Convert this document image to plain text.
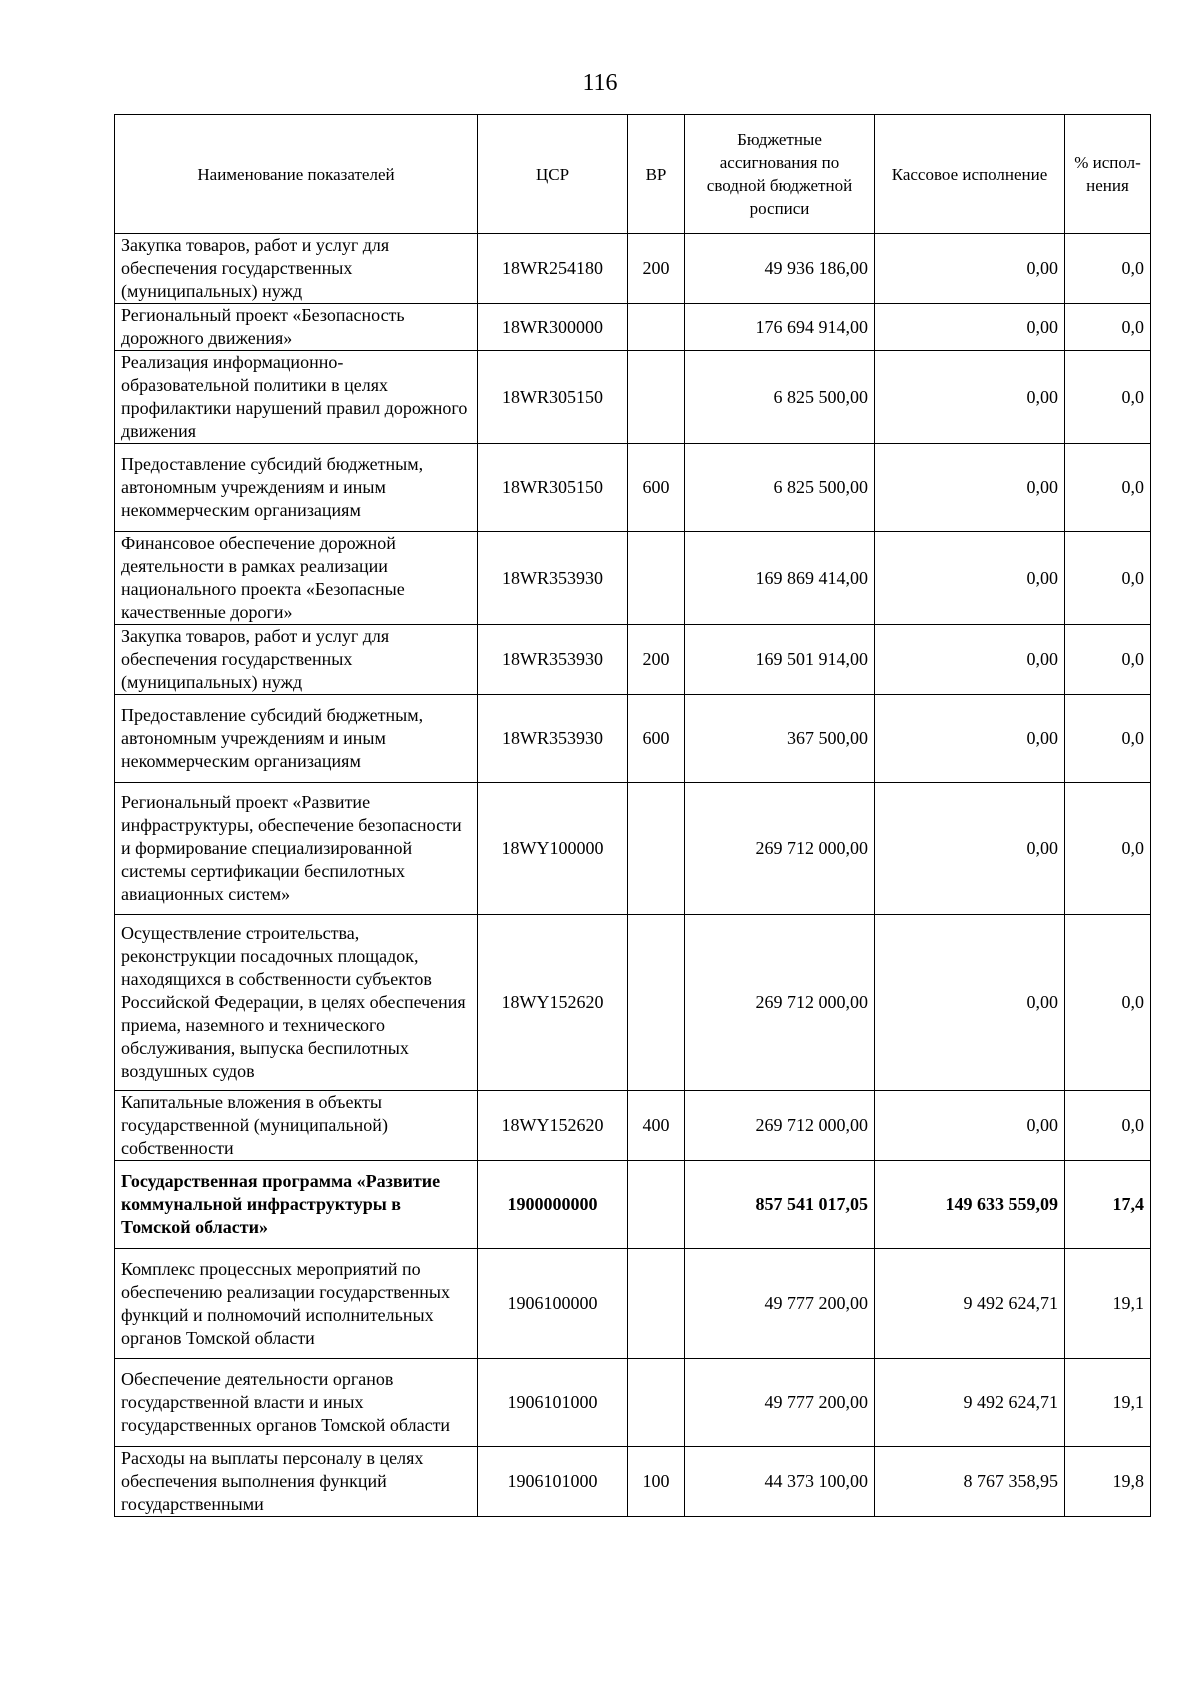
116
Наименование показателей	ЦСР	ВР	Бюджетные ассигнования по сводной бюджетной росписи	Кассовое исполнение	% испол-нения
Закупка товаров, работ и услуг для обеспечения государственных (муниципальных) нужд	18WR254180	200	49 936 186,00	0,00	0,0
Региональный проект «Безопасность дорожного движения»	18WR300000		176 694 914,00	0,00	0,0
Реализация информационно-образовательной политики в целях профилактики нарушений правил дорожного движения	18WR305150		6 825 500,00	0,00	0,0
Предоставление субсидий бюджетным, автономным учреждениям и иным некоммерческим организациям	18WR305150	600	6 825 500,00	0,00	0,0
Финансовое обеспечение дорожной деятельности в рамках реализации национального проекта «Безопасные качественные дороги»	18WR353930		169 869 414,00	0,00	0,0
Закупка товаров, работ и услуг для обеспечения государственных (муниципальных) нужд	18WR353930	200	169 501 914,00	0,00	0,0
Предоставление субсидий бюджетным, автономным учреждениям и иным некоммерческим организациям	18WR353930	600	367 500,00	0,00	0,0
Региональный проект «Развитие инфраструктуры, обеспечение безопасности и формирование специализированной системы сертификации беспилотных авиационных систем»	18WY100000		269 712 000,00	0,00	0,0
Осуществление строительства, реконструкции посадочных площадок, находящихся в собственности субъектов Российской Федерации, в целях обеспечения приема, наземного и технического обслуживания, выпуска беспилотных воздушных судов	18WY152620		269 712 000,00	0,00	0,0
Капитальные вложения в объекты государственной (муниципальной) собственности	18WY152620	400	269 712 000,00	0,00	0,0
Государственная программа «Развитие коммунальной инфраструктуры в Томской области»	1900000000		857 541 017,05	149 633 559,09	17,4
Комплекс процессных мероприятий по обеспечению реализации государственных функций и полномочий исполнительных органов Томской области	1906100000		49 777 200,00	9 492 624,71	19,1
Обеспечение деятельности органов государственной власти и иных государственных органов Томской области	1906101000		49 777 200,00	9 492 624,71	19,1
Расходы на выплаты персоналу в целях обеспечения выполнения функций государственными	1906101000	100	44 373 100,00	8 767 358,95	19,8
